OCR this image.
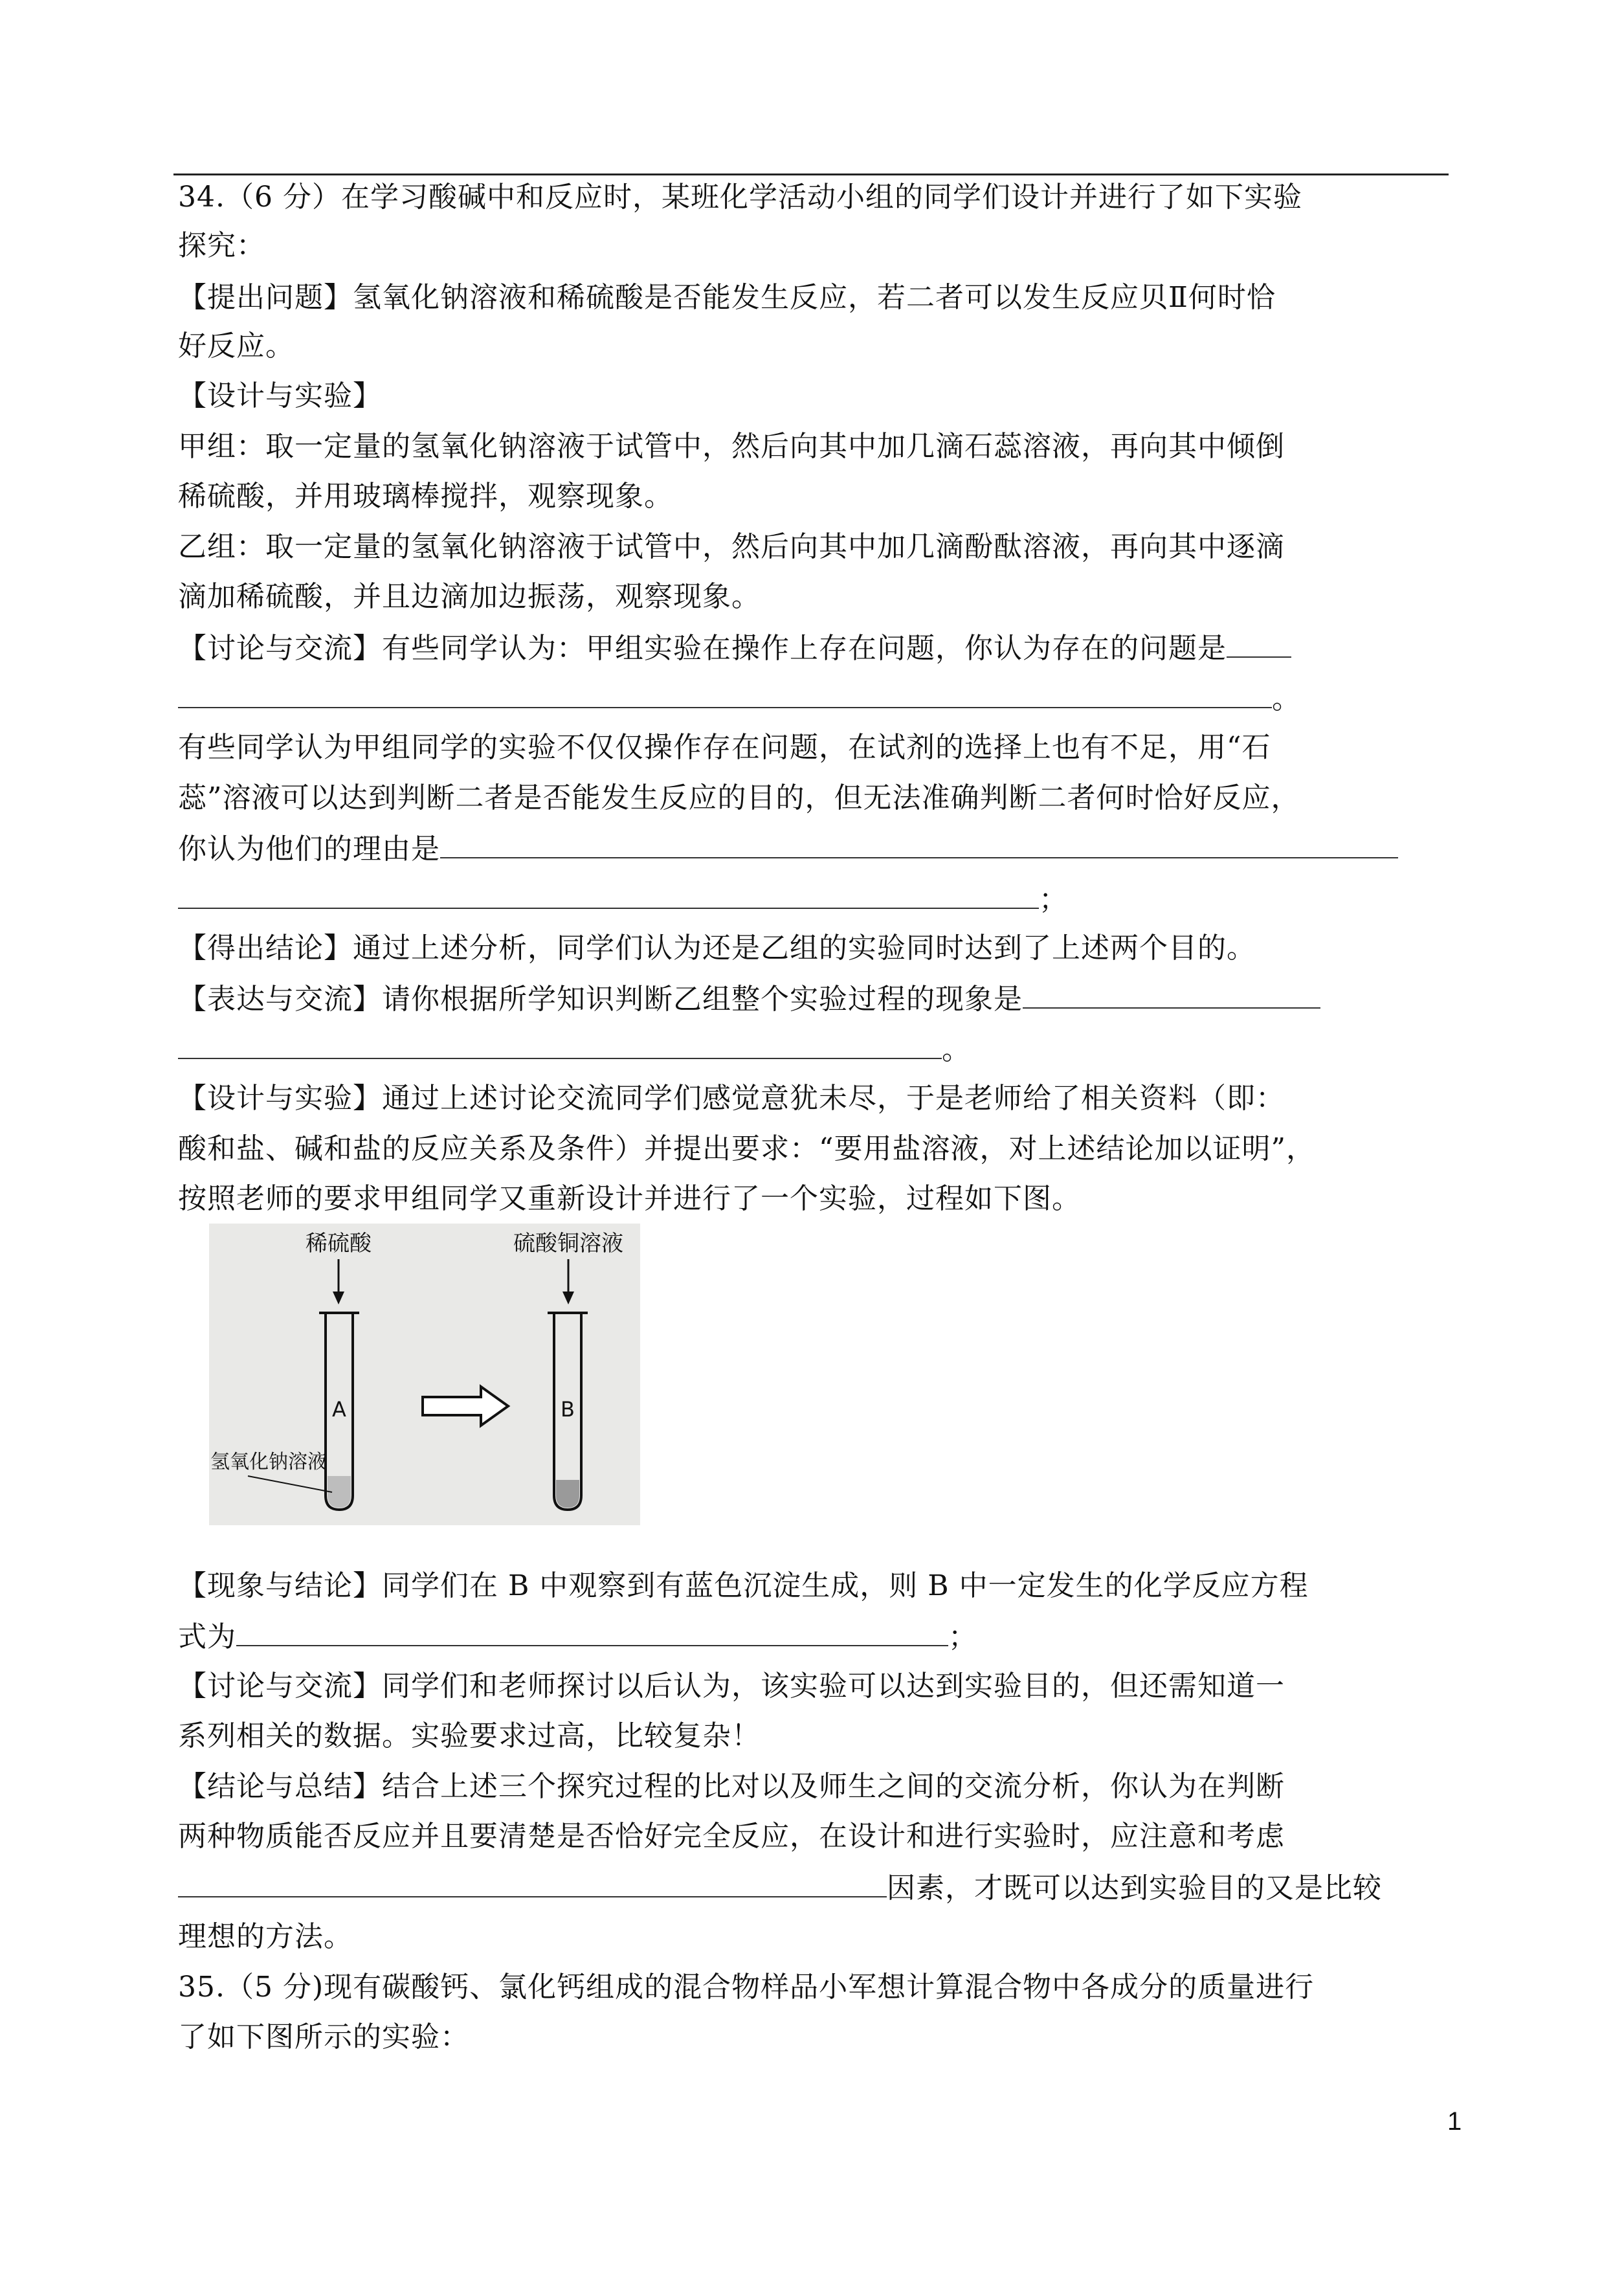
34.（6 分）在学习酸碱中和反应时，某班化学活动小组的同学们设计并进行了如下实验
探究：
【提出问题】氢氧化钠溶液和稀硫酸是否能发生反应，若二者可以发生反应贝Ⅱ何时恰
好反应。
【设计与实验】
甲组：取一定量的氢氧化钠溶液于试管中，然后向其中加几滴石蕊溶液，再向其中倾倒
稀硫酸，并用玻璃棒搅拌，观察现象。
乙组：取一定量的氢氧化钠溶液于试管中，然后向其中加几滴酚酞溶液，再向其中逐滴
滴加稀硫酸，并且边滴加边振荡，观察现象。
【讨论与交流】有些同学认为：甲组实验在操作上存在问题，你认为存在的问题是
。
有些同学认为甲组同学的实验不仅仅操作存在问题，在试剂的选择上也有不足，用“石
蕊”溶液可以达到判断二者是否能发生反应的目的，但无法准确判断二者何时恰好反应，
你认为他们的理由是
；
【得出结论】通过上述分析，同学们认为还是乙组的实验同时达到了上述两个目的。
【表达与交流】请你根据所学知识判断乙组整个实验过程的现象是
。
【设计与实验】通过上述讨论交流同学们感觉意犹未尽，于是老师给了相关资料（即：
酸和盐、碱和盐的反应关系及条件）并提出要求：“要用盐溶液，对上述结论加以证明”，
按照老师的要求甲组同学又重新设计并进行了一个实验，过程如下图。
稀硫酸	硫酸铜溶液
A	B
氢氧化钠溶液
【现象与结论】同学们在 B 中观察到有蓝色沉淀生成，则 B 中一定发生的化学反应方程
式为	；
【讨论与交流】同学们和老师探讨以后认为，该实验可以达到实验目的，但还需知道一
系列相关的数据。实验要求过高，比较复杂！
【结论与总结】结合上述三个探究过程的比对以及师生之间的交流分析，你认为在判断
两种物质能否反应并且要清楚是否恰好完全反应，在设计和进行实验时，应注意和考虑
因素，才既可以达到实验目的又是比较
理想的方法。
35.（5 分)现有碳酸钙、氯化钙组成的混合物样品小军想计算混合物中各成分的质量进行
了如下图所示的实验：
1
